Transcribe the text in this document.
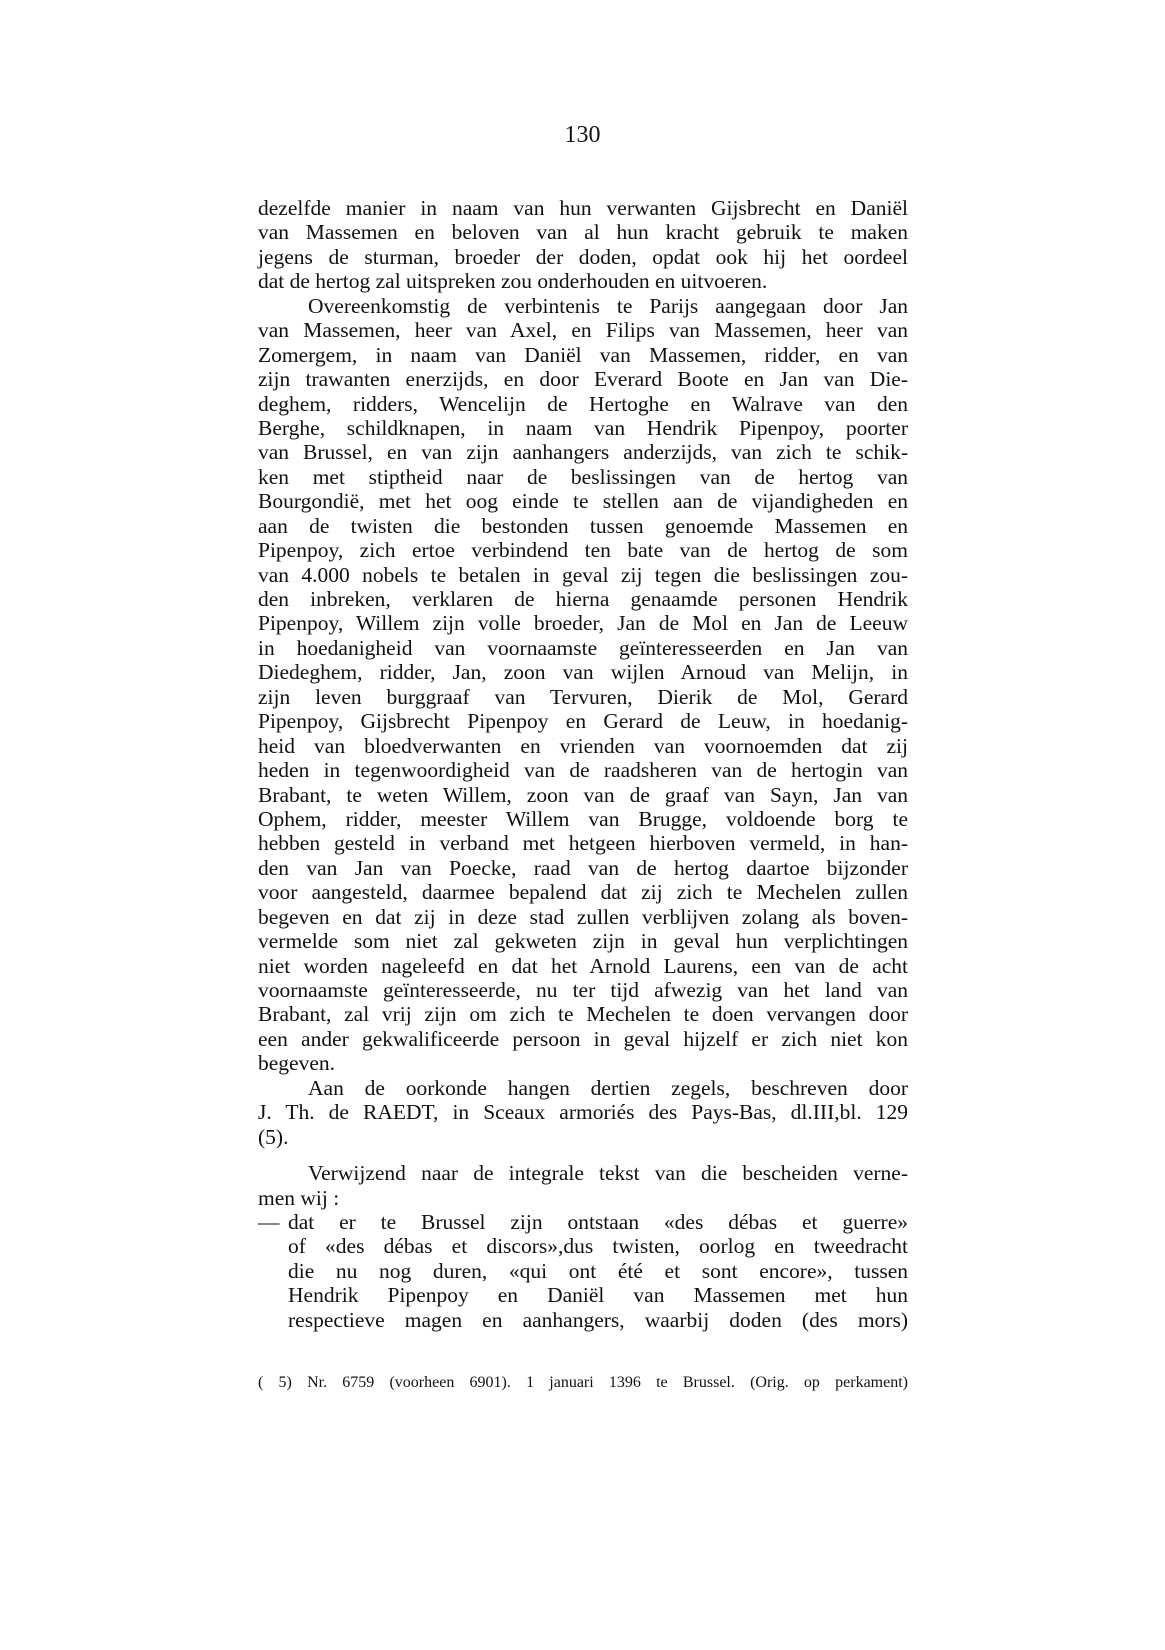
130
dezelfde manier in naam van hun verwanten Gijsbrecht en Daniël
van Massemen en beloven van al hun kracht gebruik te maken
jegens de sturman, broeder der doden, opdat ook hij het oordeel
dat de hertog zal uitspreken zou onderhouden en uitvoeren.
Overeenkomstig de verbintenis te Parijs aangegaan door Jan
van Massemen, heer van Axel, en Filips van Massemen, heer van
Zomergem, in naam van Daniël van Massemen, ridder, en van
zijn trawanten enerzijds, en door Everard Boote en Jan van Die-
deghem, ridders, Wencelijn de Hertoghe en Walrave van den
Berghe, schildknapen, in naam van Hendrik Pipenpoy, poorter
van Brussel, en van zijn aanhangers anderzijds, van zich te schik-
ken met stiptheid naar de beslissingen van de hertog van
Bourgondië, met het oog einde te stellen aan de vijandigheden en
aan de twisten die bestonden tussen genoemde Massemen en
Pipenpoy, zich ertoe verbindend ten bate van de hertog de som
van 4.000 nobels te betalen in geval zij tegen die beslissingen zou-
den inbreken, verklaren de hierna genaamde personen Hendrik
Pipenpoy, Willem zijn volle broeder, Jan de Mol en Jan de Leeuw
in hoedanigheid van voornaamste geïnteresseerden en Jan van
Diedeghem, ridder, Jan, zoon van wijlen Arnoud van Melijn, in
zijn leven burggraaf van Tervuren, Dierik de Mol, Gerard
Pipenpoy, Gijsbrecht Pipenpoy en Gerard de Leuw, in hoedanig-
heid van bloedverwanten en vrienden van voornoemden dat zij
heden in tegenwoordigheid van de raadsheren van de hertogin van
Brabant, te weten Willem, zoon van de graaf van Sayn, Jan van
Ophem, ridder, meester Willem van Brugge, voldoende borg te
hebben gesteld in verband met hetgeen hierboven vermeld, in han-
den van Jan van Poecke, raad van de hertog daartoe bijzonder
voor aangesteld, daarmee bepalend dat zij zich te Mechelen zullen
begeven en dat zij in deze stad zullen verblijven zolang als boven-
vermelde som niet zal gekweten zijn in geval hun verplichtingen
niet worden nageleefd en dat het Arnold Laurens, een van de acht
voornaamste geïnteresseerde, nu ter tijd afwezig van het land van
Brabant, zal vrij zijn om zich te Mechelen te doen vervangen door
een ander gekwalificeerde persoon in geval hijzelf er zich niet kon
begeven.
Aan de oorkonde hangen dertien zegels, beschreven door
J. Th. de RAEDT, in Sceaux armoriés des Pays-Bas, dl.III,bl. 129
(5).
Verwijzend naar de integrale tekst van die bescheiden verne-
men wij :
— dat er te Brussel zijn ontstaan «des débas et guerre»
of «des débas et discors»,dus twisten, oorlog en tweedracht
die nu nog duren, «qui ont été et sont encore», tussen
Hendrik Pipenpoy en Daniël van Massemen met hun
respectieve magen en aanhangers, waarbij doden (des mors)
( 5) Nr. 6759 (voorheen 6901). 1 januari 1396 te Brussel. (Orig. op perkament)
